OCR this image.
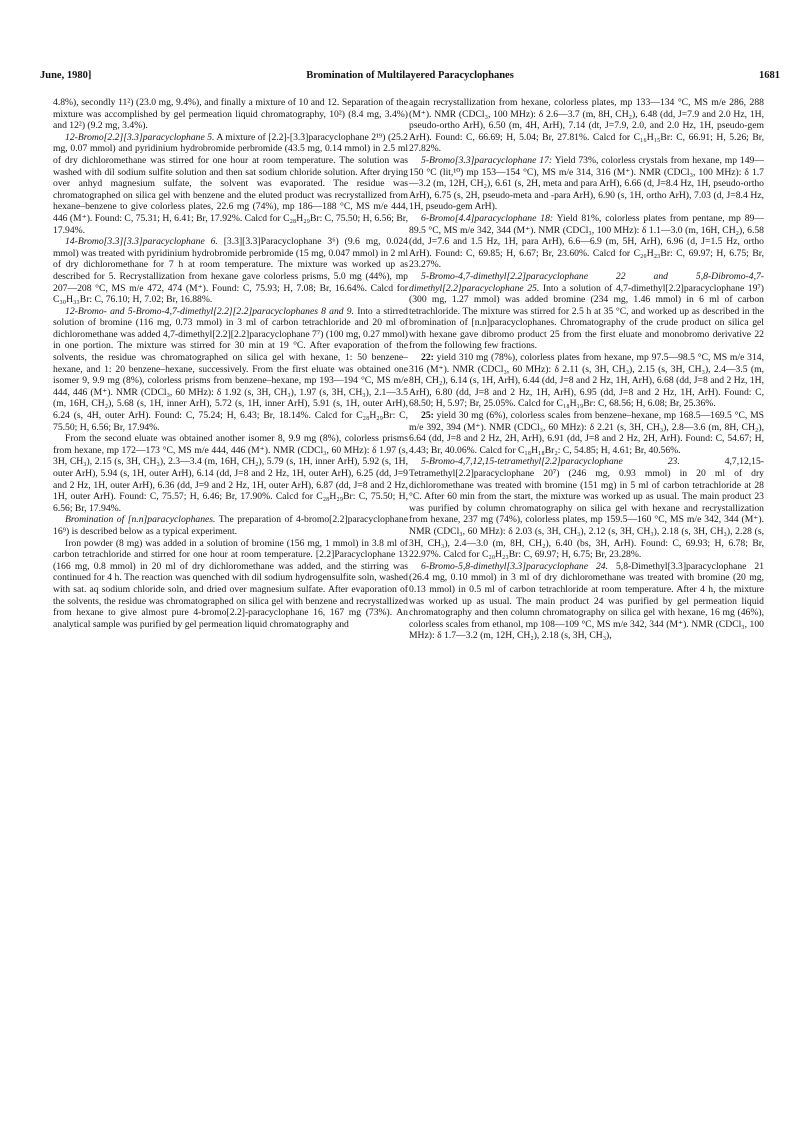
June, 1980]	Bromination of Multilayered Paracyclophanes	1681

4.8%), secondly 11²) (23.0 mg, 9.4%), and finally a mixture of 10 and 12. Separation of the mixture was accomplished by gel permeation liquid chromatography, 10²) (8.4 mg, 3.4%) and 12²) (9.2 mg, 3.4%).

12-Bromo[2.2][3.3]paracyclophane 5. A mixture of [2.2]-[3.3]paracyclophane 2¹⁹) (25.2 mg, 0.07 mmol) and pyridinium hydrobromide perbromide (43.5 mg, 0.14 mmol) in 2.5 ml of dry dichloromethane was stirred for one hour at room temperature. The solution was washed with dil sodium sulfite solution and then sat sodium chloride solution. After drying over anhyd magnesium sulfate, the solvent was evaporated. The residue was chromatographed on silica gel with benzene and the eluted product was recrystallized from hexane–benzene to give colorless plates, 22.6 mg (74%), mp 186—188 °C, MS m/e 444, 446 (M⁺). Found: C, 75.31; H, 6.41; Br, 17.92%. Calcd for C₂₈H₂₉Br: C, 75.50; H, 6.56; Br, 17.94%.

14-Bromo[3.3][3.3]paracyclophane 6. [3.3][3.3]Paracyclophane 3⁶) (9.6 mg, 0.024 mmol) was treated with pyridinium hydrobromide perbromide (15 mg, 0.047 mmol) in 2 ml of dry dichloromethane for 7 h at room temperature. The mixture was worked up as described for 5. Recrystallization from hexane gave colorless prisms, 5.0 mg (44%), mp 207—208 °C, MS m/e 472, 474 (M⁺). Found: C, 75.93; H, 7.08; Br, 16.64%. Calcd for C₃₀H₃₃Br: C, 76.10; H, 7.02; Br, 16.88%.

12-Bromo- and 5-Bromo-4,7-dimethyl[2.2][2.2]paracyclophanes 8 and 9. Into a stirred solution of bromine (116 mg, 0.73 mmol) in 3 ml of carbon tetrachloride and 20 ml of dichloromethane was added 4,7-dimethyl[2.2][2.2]paracyclophane 7⁷) (100 mg, 0.27 mmol) in one portion. The mixture was stirred for 30 min at 19 °C. After evaporation of the solvents, the residue was chromatographed on silica gel with hexane, 1: 50 benzene–hexane, and 1: 20 benzene–hexane, successively. From the first eluate was obtained one isomer 9, 9.9 mg (8%), colorless prisms from benzene–hexane, mp 193—194 °C, MS m/e 444, 446 (M⁺). NMR (CDCl₃, 60 MHz): δ 1.92 (s, 3H, CH₃), 1.97 (s, 3H, CH₃), 2.1—3.5 (m, 16H, CH₂), 5.68 (s, 1H, inner ArH), 5.72 (s, 1H, inner ArH), 5.91 (s, 1H, outer ArH), 6.24 (s, 4H, outer ArH). Found: C, 75.24; H, 6.43; Br, 18.14%. Calcd for C₂₈H₂₉Br: C, 75.50; H, 6.56; Br, 17.94%.

From the second eluate was obtained another isomer 8, 9.9 mg (8%), colorless prisms from hexane, mp 172—173 °C, MS m/e 444, 446 (M⁺). NMR (CDCl₃, 60 MHz): δ 1.97 (s, 3H, CH₃), 2.15 (s, 3H, CH₃), 2.3—3.4 (m, 16H, CH₂), 5.79 (s, 1H, inner ArH), 5.92 (s, 1H, outer ArH), 5.94 (s, 1H, outer ArH), 6.14 (dd, J=8 and 2 Hz, 1H, outer ArH), 6.25 (dd, J=9 and 2 Hz, 1H, outer ArH), 6.36 (dd, J=9 and 2 Hz, 1H, outer ArH), 6.87 (dd, J=8 and 2 Hz, 1H, outer ArH). Found: C, 75.57; H, 6.46; Br, 17.90%. Calcd for C₂₈H₂₉Br: C, 75.50; H, 6.56; Br, 17.94%.

Bromination of [n.n]paracyclophanes. The preparation of 4-bromo[2.2]paracyclophane 16⁹) is described below as a typical experiment.

Iron powder (8 mg) was added in a solution of bromine (156 mg, 1 mmol) in 3.8 ml of carbon tetrachloride and stirred for one hour at room temperature. [2.2]Paracyclophane 13 (166 mg, 0.8 mmol) in 20 ml of dry dichloromethane was added, and the stirring was continued for 4 h. The reaction was quenched with dil sodium hydrogensulfite soln, washed with sat. aq sodium chloride soln, and dried over magnesium sulfate. After evaporation of the solvents, the residue was chromatographed on silica gel with benzene and recrystallized from hexane to give almost pure 4-bromo[2.2]-paracyclophane 16, 167 mg (73%). An analytical sample was purified by gel permeation liquid chromatography and

again recrystallization from hexane, colorless plates, mp 133—134 °C, MS m/e 286, 288 (M⁺). NMR (CDCl₃, 100 MHz): δ 2.6—3.7 (m, 8H, CH₂), 6.48 (dd, J=7.9 and 2.0 Hz, 1H, pseudo-ortho ArH), 6.50 (m, 4H, ArH), 7.14 (dt, J=7.9, 2.0, and 2.0 Hz, 1H, pseudo-gem ArH). Found: C, 66.69; H, 5.04; Br, 27.81%. Calcd for C₁₆H₁₅Br: C, 66.91; H, 5.26; Br, 27.82%.

5-Bromo[3.3]paracyclophane 17: Yield 73%, colorless crystals from hexane, mp 149—150 °C (lit,¹⁰) mp 153—154 °C), MS m/e 314, 316 (M⁺). NMR (CDCl₃, 100 MHz): δ 1.7—3.2 (m, 12H, CH₂), 6.61 (s, 2H, meta and para ArH), 6.66 (d, J=8.4 Hz, 1H, pseudo-ortho ArH), 6.75 (s, 2H, pseudo-meta and -para ArH), 6.90 (s, 1H, ortho ArH), 7.03 (d, J=8.4 Hz, 1H, pseudo-gem ArH).

6-Bromo[4.4]paracyclophane 18: Yield 81%, colorless plates from pentane, mp 89—89.5 °C, MS m/e 342, 344 (M⁺). NMR (CDCl₃, 100 MHz): δ 1.1—3.0 (m, 16H, CH₂), 6.58 (dd, J=7.6 and 1.5 Hz, 1H, para ArH), 6.6—6.9 (m, 5H, ArH), 6.96 (d, J=1.5 Hz, ortho ArH). Found: C, 69.85; H, 6.67; Br, 23.60%. Calcd for C₂₀H₂₃Br: C, 69.97; H, 6.75; Br, 23.27%.

5-Bromo-4,7-dimethyl[2.2]paracyclophane 22 and 5,8-Dibromo-4,7-dimethyl[2.2]paracyclophane 25. Into a solution of 4,7-dimethyl[2.2]paracyclophane 19⁷) (300 mg, 1.27 mmol) was added bromine (234 mg, 1.46 mmol) in 6 ml of carbon tetrachloride. The mixture was stirred for 2.5 h at 35 °C, and worked up as described in the bromination of [n.n]paracyclophanes. Chromatography of the crude product on silica gel with hexane gave dibromo product 25 from the first eluate and monobromo derivative 22 from the following few fractions.

22: yield 310 mg (78%), colorless plates from hexane, mp 97.5—98.5 °C, MS m/e 314, 316 (M⁺). NMR (CDCl₃, 60 MHz): δ 2.11 (s, 3H, CH₃), 2.15 (s, 3H, CH₃), 2.4—3.5 (m, 8H, CH₂), 6.14 (s, 1H, ArH), 6.44 (dd, J=8 and 2 Hz, 1H, ArH), 6.68 (dd, J=8 and 2 Hz, 1H, ArH), 6.80 (dd, J=8 and 2 Hz, 1H, ArH), 6.95 (dd, J=8 and 2 Hz, 1H, ArH). Found: C, 68.50; H, 5.97; Br, 25.05%. Calcd for C₁₈H₁₉Br: C, 68.56; H, 6.08; Br, 25.36%.

25: yield 30 mg (6%), colorless scales from benzene–hexane, mp 168.5—169.5 °C, MS m/e 392, 394 (M⁺). NMR (CDCl₃, 60 MHz): δ 2.21 (s, 3H, CH₃), 2.8—3.6 (m, 8H, CH₂), 6.64 (dd, J=8 and 2 Hz, 2H, ArH), 6.91 (dd, J=8 and 2 Hz, 2H, ArH). Found: C, 54.67; H, 4.43; Br, 40.06%. Calcd for C₁₈H₁₈Br₂: C, 54.85; H, 4.61; Br, 40.56%.

5-Bromo-4,7,12,15-tetramethyl[2.2]paracyclophane 23.	4,7,12,15-Tetramethyl[2.2]paracyclophane 20⁷) (246 mg, 0.93 mmol) in 20 ml of dry dichloromethane was treated with bromine (151 mg) in 5 ml of carbon tetrachloride at 28 °C. After 60 min from the start, the mixture was worked up as usual. The main product 23 was purified by column chromatography on silica gel with hexane and recrystallization from hexane, 237 mg (74%), colorless plates, mp 159.5—160 °C, MS m/e 342, 344 (M⁺). NMR (CDCl₃, 60 MHz): δ 2.03 (s, 3H, CH₃), 2.12 (s, 3H, CH₃), 2.18 (s, 3H, CH₃), 2.28 (s, 3H, CH₃), 2.4—3.0 (m, 8H, CH₂), 6.40 (bs, 3H, ArH). Found: C, 69.93; H, 6.78; Br, 22.97%. Calcd for C₂₀H₂₃Br: C, 69.97; H, 6.75; Br, 23.28%.

6-Bromo-5,8-dimethyl[3.3]paracyclophane 24. 5,8-Dimethyl[3.3]paracyclophane 21 (26.4 mg, 0.10 mmol) in 3 ml of dry dichloromethane was treated with bromine (20 mg, 0.13 mmol) in 0.5 ml of carbon tetrachloride at room temperature. After 4 h, the mixture was worked up as usual. The main product 24 was purified by gel permeation liquid chromatography and then column chromatography on silica gel with hexane, 16 mg (46%), colorless scales from ethanol, mp 108—109 °C, MS m/e 342, 344 (M⁺). NMR (CDCl₃, 100 MHz): δ 1.7—3.2 (m, 12H, CH₂), 2.18 (s, 3H, CH₃),
